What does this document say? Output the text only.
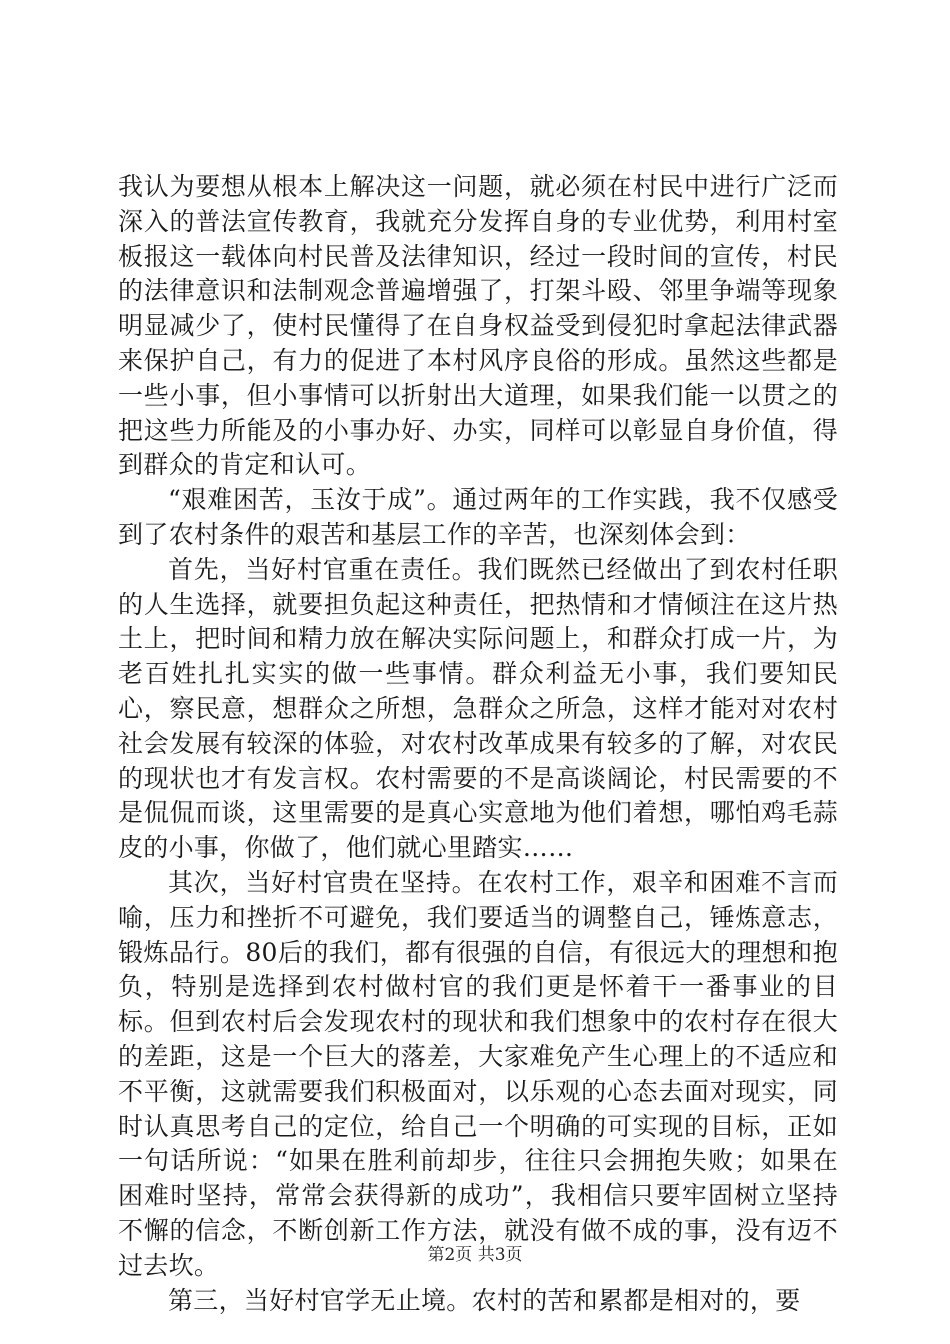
我认为要想从根本上解决这一问题，就必须在村民中进行广泛而深入的普法宣传教育，我就充分发挥自身的专业优势，利用村室板报这一载体向村民普及法律知识，经过一段时间的宣传，村民的法律意识和法制观念普遍增强了，打架斗殴、邻里争端等现象明显减少了，使村民懂得了在自身权益受到侵犯时拿起法律武器来保护自己，有力的促进了本村风序良俗的形成。虽然这些都是一些小事，但小事情可以折射出大道理，如果我们能一以贯之的把这些力所能及的小事办好、办实，同样可以彰显自身价值，得到群众的肯定和认可。

“艰难困苦，玉汝于成”。通过两年的工作实践，我不仅感受到了农村条件的艰苦和基层工作的辛苦，也深刻体会到：

首先，当好村官重在责任。我们既然已经做出了到农村任职的人生选择，就要担负起这种责任，把热情和才情倾注在这片热土上，把时间和精力放在解决实际问题上，和群众打成一片，为老百姓扎扎实实的做一些事情。群众利益无小事，我们要知民心，察民意，想群众之所想，急群众之所急，这样才能对对农村社会发展有较深的体验，对农村改革成果有较多的了解，对农民的现状也才有发言权。农村需要的不是高谈阔论，村民需要的不是侃侃而谈，这里需要的是真心实意地为他们着想，哪怕鸡毛蒜皮的小事，你做了，他们就心里踏实……

其次，当好村官贵在坚持。在农村工作，艰辛和困难不言而喻，压力和挫折不可避免，我们要适当的调整自己，锤炼意志，锻炼品行。80后的我们，都有很强的自信，有很远大的理想和抱负，特别是选择到农村做村官的我们更是怀着干一番事业的目标。但到农村后会发现农村的现状和我们想象中的农村存在很大的差距，这是一个巨大的落差，大家难免产生心理上的不适应和不平衡，这就需要我们积极面对，以乐观的心态去面对现实，同时认真思考自己的定位，给自己一个明确的可实现的目标，正如一句话所说：“如果在胜利前却步，往往只会拥抱失败；如果在困难时坚持，常常会获得新的成功”，我相信只要牢固树立坚持不懈的信念，不断创新工作方法，就没有做不成的事，没有迈不过去坎。

第三，当好村官学无止境。农村的苦和累都是相对的，要

第2页 共3页
